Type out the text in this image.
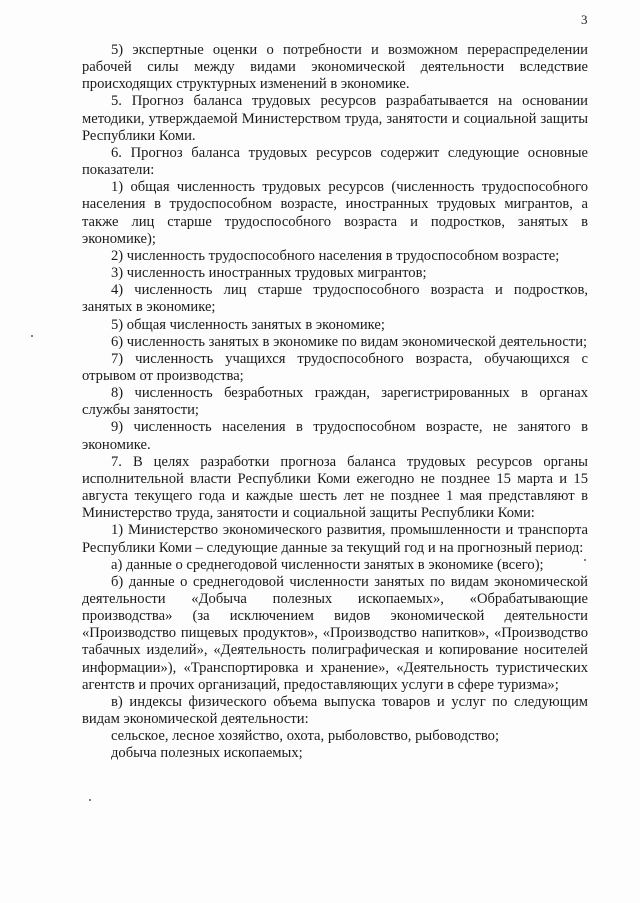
3

5) экспертные оценки о потребности и возможном перераспределении рабочей силы между видами экономической деятельности вследствие происходящих структурных изменений в экономике.

5. Прогноз баланса трудовых ресурсов разрабатывается на основании методики, утверждаемой Министерством труда, занятости и социальной защиты Республики Коми.

6. Прогноз баланса трудовых ресурсов содержит следующие основные показатели:

1) общая численность трудовых ресурсов (численность трудоспособного населения в трудоспособном возрасте, иностранных трудовых мигрантов, а также лиц старше трудоспособного возраста и подростков, занятых в экономике);

2) численность трудоспособного населения в трудоспособном возрасте;

3) численность иностранных трудовых мигрантов;

4) численность лиц старше трудоспособного возраста и подростков, занятых в экономике;

5) общая численность занятых в экономике;

6) численность занятых в экономике по видам экономической деятельности;

7) численность учащихся трудоспособного возраста, обучающихся с отрывом от производства;

8) численность безработных граждан, зарегистрированных в органах службы занятости;

9) численность населения в трудоспособном возрасте, не занятого в экономике.

7. В целях разработки прогноза баланса трудовых ресурсов органы исполнительной власти Республики Коми ежегодно не позднее 15 марта и 15 августа текущего года и каждые шесть лет не позднее 1 мая представляют в Министерство труда, занятости и социальной защиты Республики Коми:

1) Министерство экономического развития, промышленности и транспорта Республики Коми – следующие данные за текущий год и на прогнозный период:

а) данные о среднегодовой численности занятых в экономике (всего);

б) данные о среднегодовой численности занятых по видам экономической деятельности «Добыча полезных ископаемых», «Обрабатывающие производства» (за исключением видов экономической деятельности «Производство пищевых продуктов», «Производство напитков», «Производство табачных изделий», «Деятельность полиграфическая и копирование носителей информации»), «Транспортировка и хранение», «Деятельность туристических агентств и прочих организаций, предоставляющих услуги в сфере туризма»;

в) индексы физического объема выпуска товаров и услуг по следующим видам экономической деятельности:

сельское, лесное хозяйство, охота, рыболовство, рыбоводство;

добыча полезных ископаемых;
